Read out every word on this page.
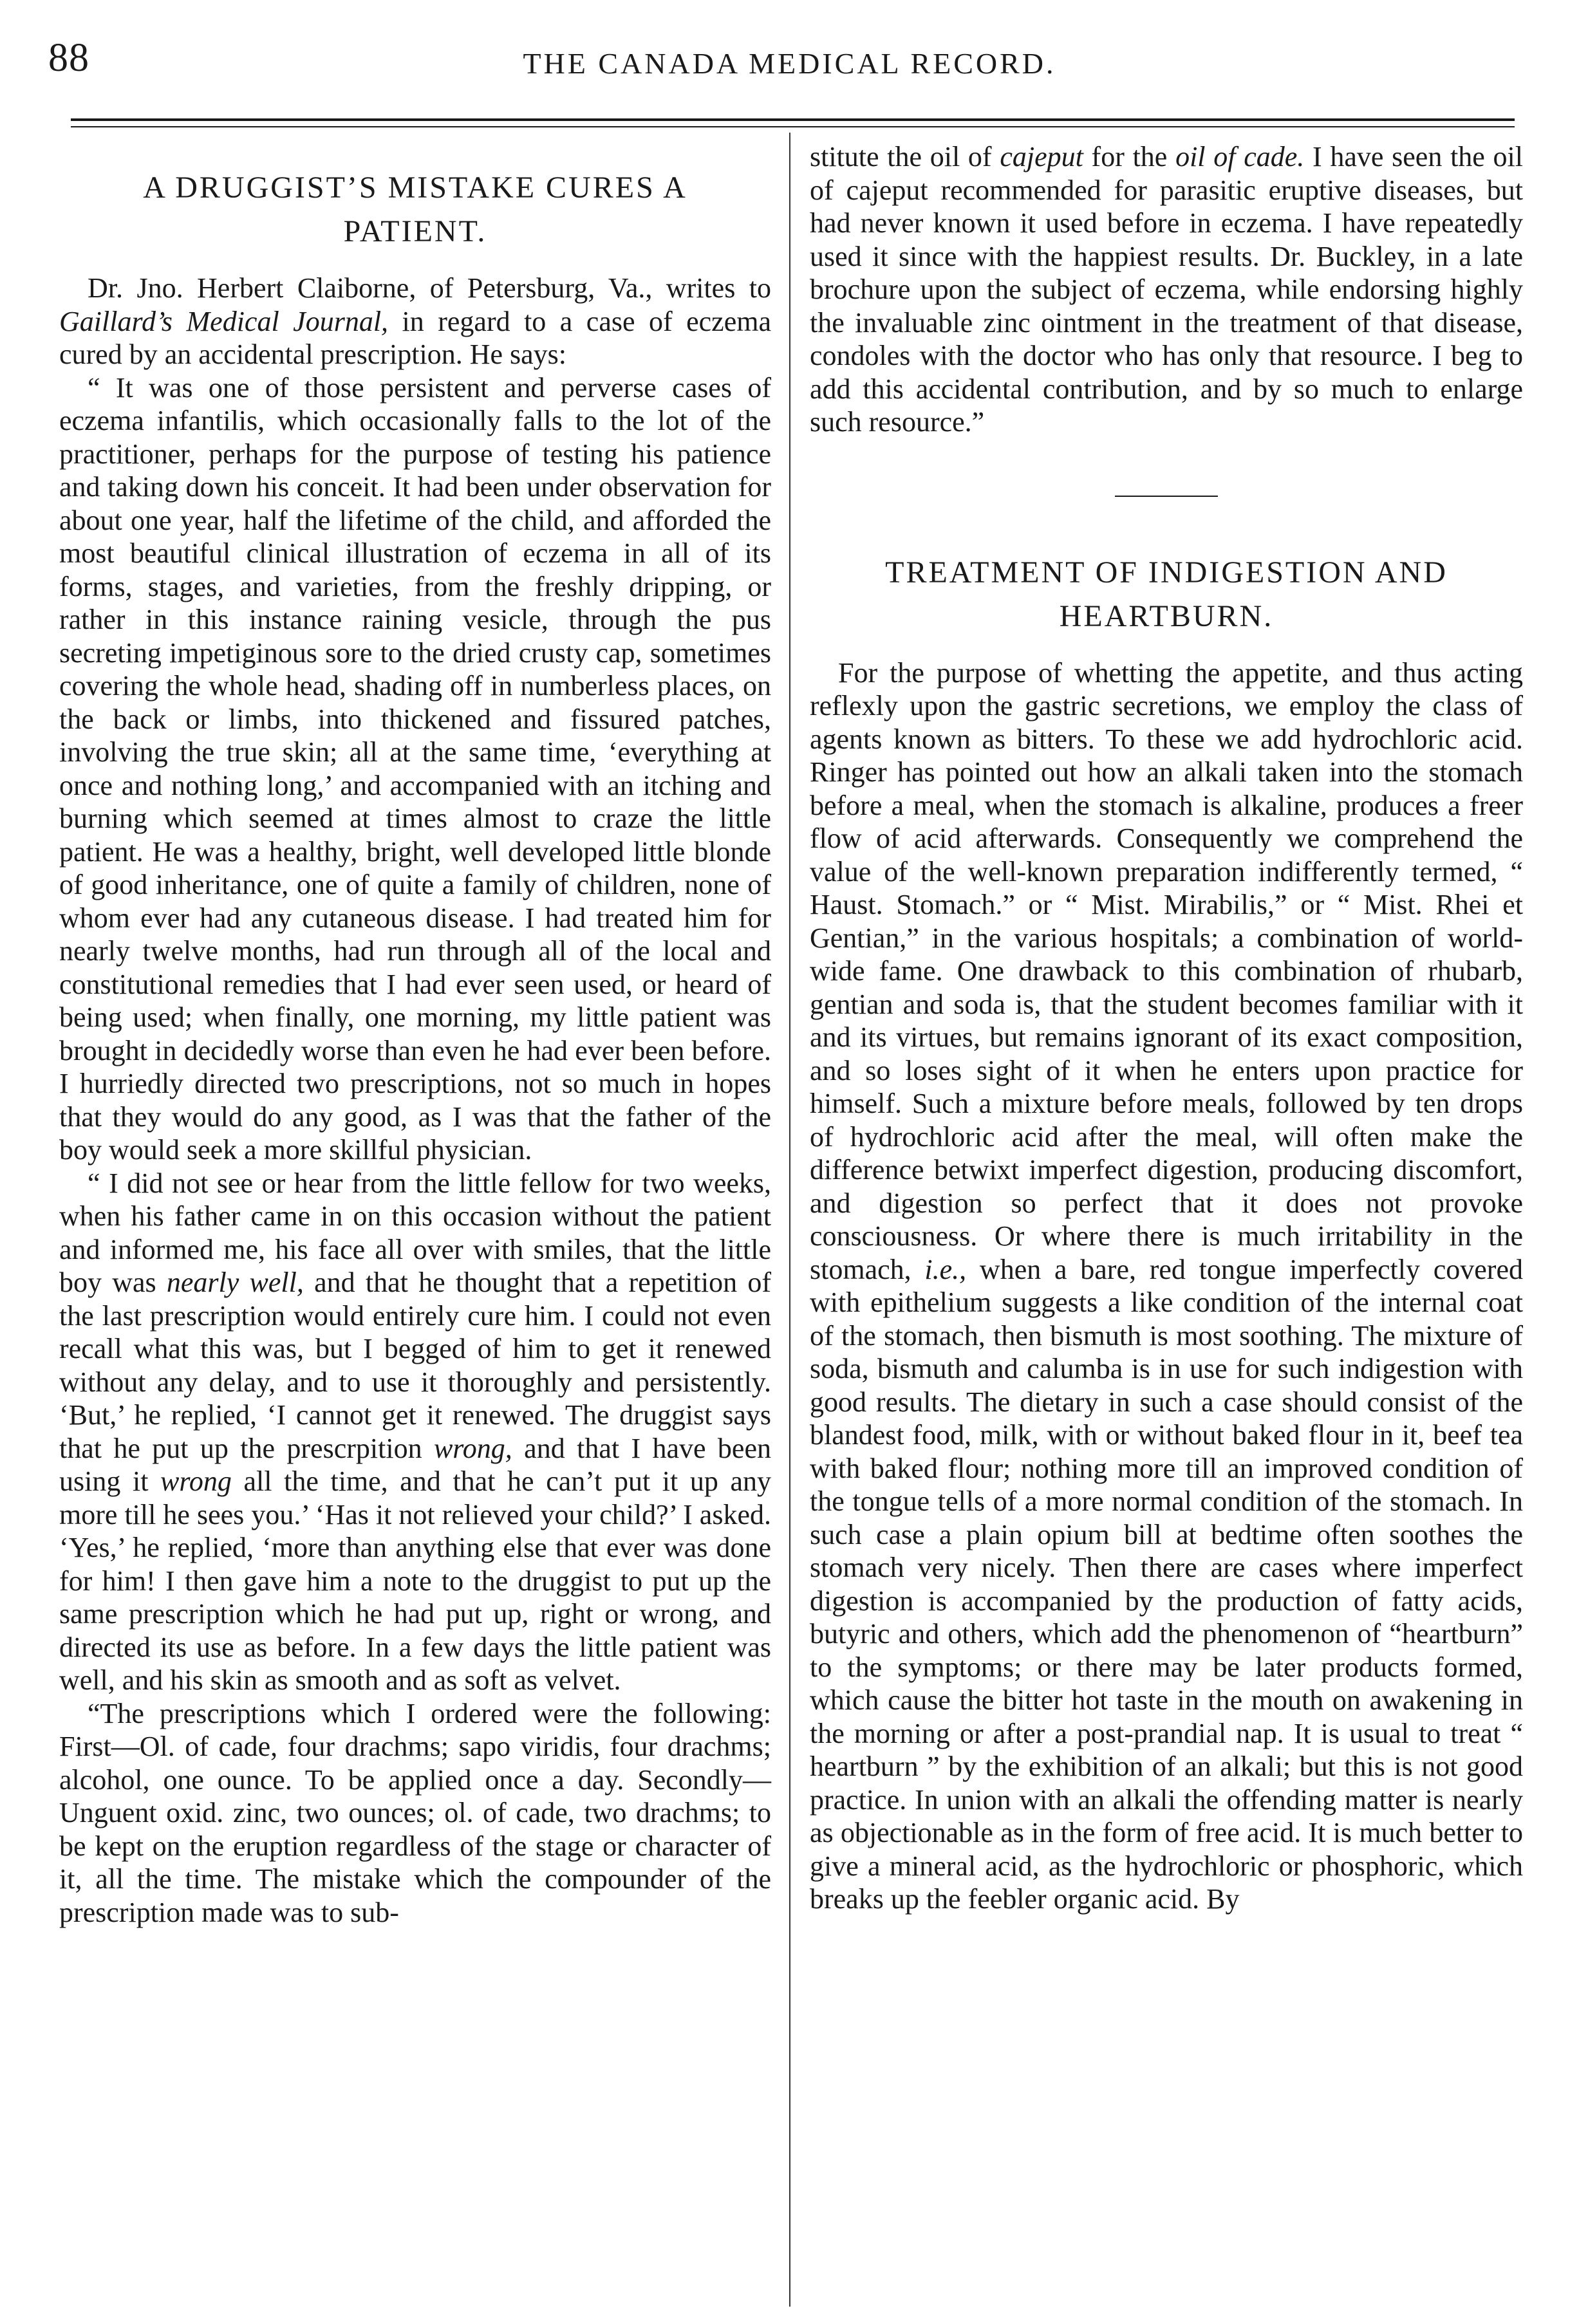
88	THE CANADA MEDICAL RECORD.
A DRUGGIST’S MISTAKE CURES A PATIENT.

Dr. Jno. Herbert Claiborne, of Petersburg, Va., writes to Gaillard’s Medical Journal, in regard to a case of eczema cured by an accidental prescription. He says:

“ It was one of those persistent and perverse cases of eczema infantilis, which occasionally falls to the lot of the practitioner, perhaps for the purpose of testing his patience and taking down his conceit. It had been under observation for about one year, half the lifetime of the child, and afforded the most beautiful clinical illustration of eczema in all of its forms, stages, and varieties, from the freshly dripping, or rather in this instance raining vesicle, through the pus secreting impetiginous sore to the dried crusty cap, sometimes covering the whole head, shading off in numberless places, on the back or limbs, into thickened and fissured patches, involving the true skin; all at the same time, ‘everything at once and nothing long,’ and accompanied with an itching and burning which seemed at times almost to craze the little patient. He was a healthy, bright, well developed little blonde of good inheritance, one of quite a family of children, none of whom ever had any cutaneous disease. I had treated him for nearly twelve months, had run through all of the local and constitutional remedies that I had ever seen used, or heard of being used; when finally, one morning, my little patient was brought in decidedly worse than even he had ever been before. I hurriedly directed two prescriptions, not so much in hopes that they would do any good, as I was that the father of the boy would seek a more skillful physician.

“ I did not see or hear from the little fellow for two weeks, when his father came in on this occasion without the patient and informed me, his face all over with smiles, that the little boy was nearly well, and that he thought that a repetition of the last prescription would entirely cure him. I could not even recall what this was, but I begged of him to get it renewed without any delay, and to use it thoroughly and persistently. ‘But,’ he replied, ‘I cannot get it renewed. The druggist says that he put up the prescrpition wrong, and that I have been using it wrong all the time, and that he can’t put it up any more till he sees you.’ ‘Has it not relieved your child?’ I asked. ‘Yes,’ he replied, ‘more than anything else that ever was done for him! I then gave him a note to the druggist to put up the same prescription which he had put up, right or wrong, and directed its use as before. In a few days the little patient was well, and his skin as smooth and as soft as velvet.

“The prescriptions which I ordered were the following: First—Ol. of cade, four drachms; sapo viridis, four drachms; alcohol, one ounce. To be applied once a day. Secondly—Unguent oxid. zinc, two ounces; ol. of cade, two drachms; to be kept on the eruption regardless of the stage or character of it, all the time. The mistake which the compounder of the prescription made was to sub-

stitute the oil of cajeput for the oil of cade. I have seen the oil of cajeput recommended for parasitic eruptive diseases, but had never known it used before in eczema. I have repeatedly used it since with the happiest results. Dr. Buckley, in a late brochure upon the subject of eczema, while endorsing highly the invaluable zinc ointment in the treatment of that disease, condoles with the doctor who has only that resource. I beg to add this accidental contribution, and by so much to enlarge such resource.”

TREATMENT OF INDIGESTION AND HEARTBURN.

For the purpose of whetting the appetite, and thus acting reflexly upon the gastric secretions, we employ the class of agents known as bitters. To these we add hydrochloric acid. Ringer has pointed out how an alkali taken into the stomach before a meal, when the stomach is alkaline, produces a freer flow of acid afterwards. Consequently we comprehend the value of the well-known preparation indifferently termed, “ Haust. Stomach.” or “ Mist. Mirabilis,” or “ Mist. Rhei et Gentian,” in the various hospitals; a combination of world-wide fame. One drawback to this combination of rhubarb, gentian and soda is, that the student becomes familiar with it and its virtues, but remains ignorant of its exact composition, and so loses sight of it when he enters upon practice for himself. Such a mixture before meals, followed by ten drops of hydrochloric acid after the meal, will often make the difference betwixt imperfect digestion, producing discomfort, and digestion so perfect that it does not provoke consciousness. Or where there is much irritability in the stomach, i.e., when a bare, red tongue imperfectly covered with epithelium suggests a like condition of the internal coat of the stomach, then bismuth is most soothing. The mixture of soda, bismuth and calumba is in use for such indigestion with good results. The dietary in such a case should consist of the blandest food, milk, with or without baked flour in it, beef tea with baked flour; nothing more till an improved condition of the tongue tells of a more normal condition of the stomach. In such case a plain opium bill at bedtime often soothes the stomach very nicely. Then there are cases where imperfect digestion is accompanied by the production of fatty acids, butyric and others, which add the phenomenon of “heartburn” to the symptoms; or there may be later products formed, which cause the bitter hot taste in the mouth on awakening in the morning or after a post-prandial nap. It is usual to treat “ heartburn ” by the exhibition of an alkali; but this is not good practice. In union with an alkali the offending matter is nearly as objectionable as in the form of free acid. It is much better to give a mineral acid, as the hydrochloric or phosphoric, which breaks up the feebler organic acid. By
